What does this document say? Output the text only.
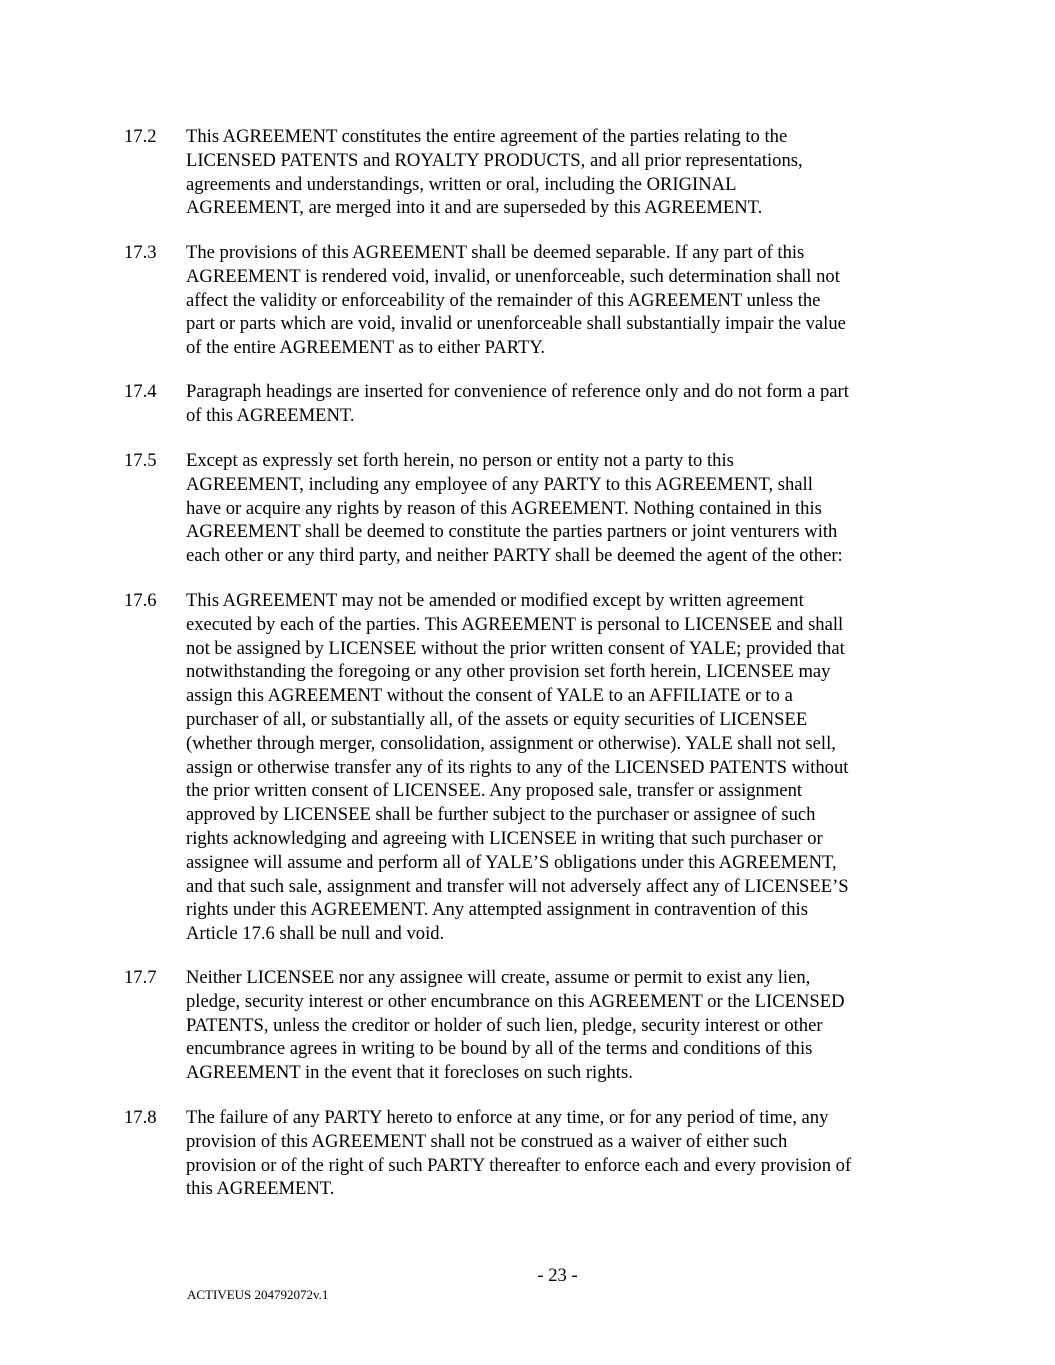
17.2 This AGREEMENT constitutes the entire agreement of the parties relating to the
LICENSED PATENTS and ROYALTY PRODUCTS, and all prior representations,
agreements and understandings, written or oral, including the ORIGINAL
AGREEMENT, are merged into it and are superseded by this AGREEMENT.
17.3 The provisions of this AGREEMENT shall be deemed separable. If any part of this
AGREEMENT is rendered void, invalid, or unenforceable, such determination shall not
affect the validity or enforceability of the remainder of this AGREEMENT unless the
part or parts which are void, invalid or unenforceable shall substantially impair the value
of the entire AGREEMENT as to either PARTY.
17.4 Paragraph headings are inserted for convenience of reference only and do not form a part
of this AGREEMENT.
17.5 Except as expressly set forth herein, no person or entity not a party to this
AGREEMENT, including any employee of any PARTY to this AGREEMENT, shall
have or acquire any rights by reason of this AGREEMENT. Nothing contained in this
AGREEMENT shall be deemed to constitute the parties partners or joint venturers with
each other or any third party, and neither PARTY shall be deemed the agent of the other:
17.6 This AGREEMENT may not be amended or modified except by written agreement
executed by each of the parties. This AGREEMENT is personal to LICENSEE and shall
not be assigned by LICENSEE without the prior written consent of YALE; provided that
notwithstanding the foregoing or any other provision set forth herein, LICENSEE may
assign this AGREEMENT without the consent of YALE to an AFFILIATE or to a
purchaser of all, or substantially all, of the assets or equity securities of LICENSEE
(whether through merger, consolidation, assignment or otherwise). YALE shall not sell,
assign or otherwise transfer any of its rights to any of the LICENSED PATENTS without
the prior written consent of LICENSEE. Any proposed sale, transfer or assignment
approved by LICENSEE shall be further subject to the purchaser or assignee of such
rights acknowledging and agreeing with LICENSEE in writing that such purchaser or
assignee will assume and perform all of YALE’S obligations under this AGREEMENT,
and that such sale, assignment and transfer will not adversely affect any of LICENSEE’S
rights under this AGREEMENT. Any attempted assignment in contravention of this
Article 17.6 shall be null and void.
17.7 Neither LICENSEE nor any assignee will create, assume or permit to exist any lien,
pledge, security interest or other encumbrance on this AGREEMENT or the LICENSED
PATENTS, unless the creditor or holder of such lien, pledge, security interest or other
encumbrance agrees in writing to be bound by all of the terms and conditions of this
AGREEMENT in the event that it forecloses on such rights.
17.8 The failure of any PARTY hereto to enforce at any time, or for any period of time, any
provision of this AGREEMENT shall not be construed as a waiver of either such
provision or of the right of such PARTY thereafter to enforce each and every provision of
this AGREEMENT.
- 23 -
ACTIVEUS 204792072v.1
